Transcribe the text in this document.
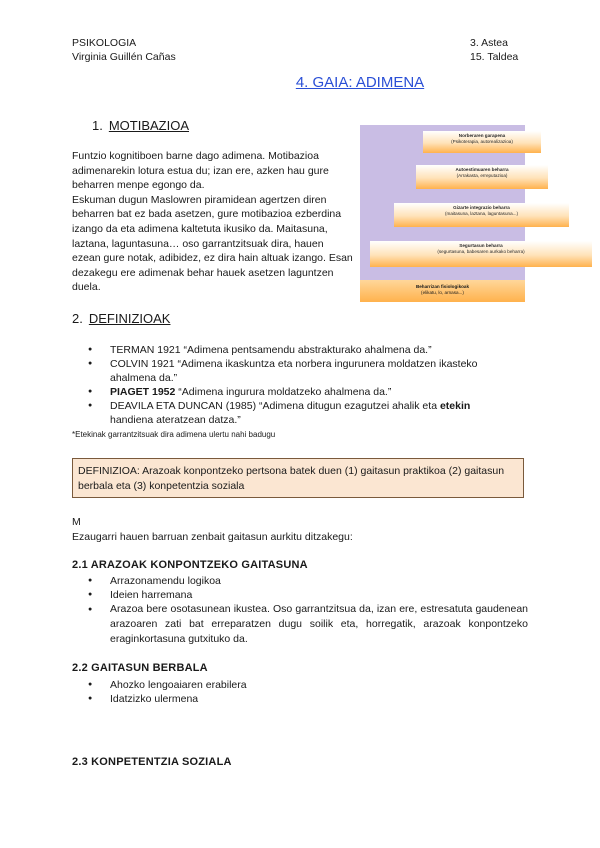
PSIKOLOGIA
Virginia Guillén Cañas
3. Astea
15. Taldea
4. GAIA: ADIMENA
1. MOTIBAZIOA
Funtzio kognitiboen barne dago adimena. Motibazioa adimenarekin lotura estua du; izan ere, azken hau gure beharren menpe egongo da.
Eskuman dugun Maslowren piramidean agertzen diren beharren bat ez bada asetzen, gure motibazioa ezberdina izango da eta adimena kaltetuta ikusiko da. Maitasuna, laztana, laguntasuna… oso garrantzitsuak dira, hauen ezean gure notak, adibidez, ez dira hain altuak izango. Esan dezakegu ere adimenak behar hauek asetzen laguntzen duela.
Norberaren garapena
(Psikoterapia, autorealizazioa)
Autoestimuaren beharra
(Arrakasta, erreputazioa)
Gizarte integrazio beharra
(maitasuna, laztana, laguntasuna...)
Segurtasun beharra
(segurtasuna, babesaren aurkako beharra)
Beharrizan fisiologikoak
(elikatu, lo, arnasa...)
2. DEFINIZIOAK
● TERMAN 1921 “Adimena pentsamendu abstrakturako ahalmena da.”
● COLVIN 1921 “Adimena ikaskuntza eta norbera ingurunera moldatzen ikasteko ahalmena da.”
● PIAGET 1952 “Adimena ingurura moldatzeko ahalmena da.”
● DEAVILA ETA DUNCAN (1985) “Adimena ditugun ezagutzei ahalik eta etekin handiena ateratzean datza.”
*Etekinak garrantzitsuak dira adimena ulertu nahi badugu
DEFINIZIOA: Arazoak konpontzeko pertsona batek duen (1) gaitasun praktikoa (2) gaitasun berbala eta (3) konpetentzia soziala
M
Ezaugarri hauen barruan zenbait gaitasun aurkitu ditzakegu:
2.1 ARAZOAK KONPONTZEKO GAITASUNA
● Arrazonamendu logikoa
● Ideien harremana
● Arazoa bere osotasunean ikustea. Oso garrantzitsua da, izan ere, estresatuta gaudenean arazoaren zati bat erreparatzen dugu soilik eta, horregatik, arazoak konpontzeko eraginkortasuna gutxituko da.
2.2 GAITASUN BERBALA
● Ahozko lengoaiaren erabilera
● Idatzizko ulermena
2.3 KONPETENTZIA SOZIALA
